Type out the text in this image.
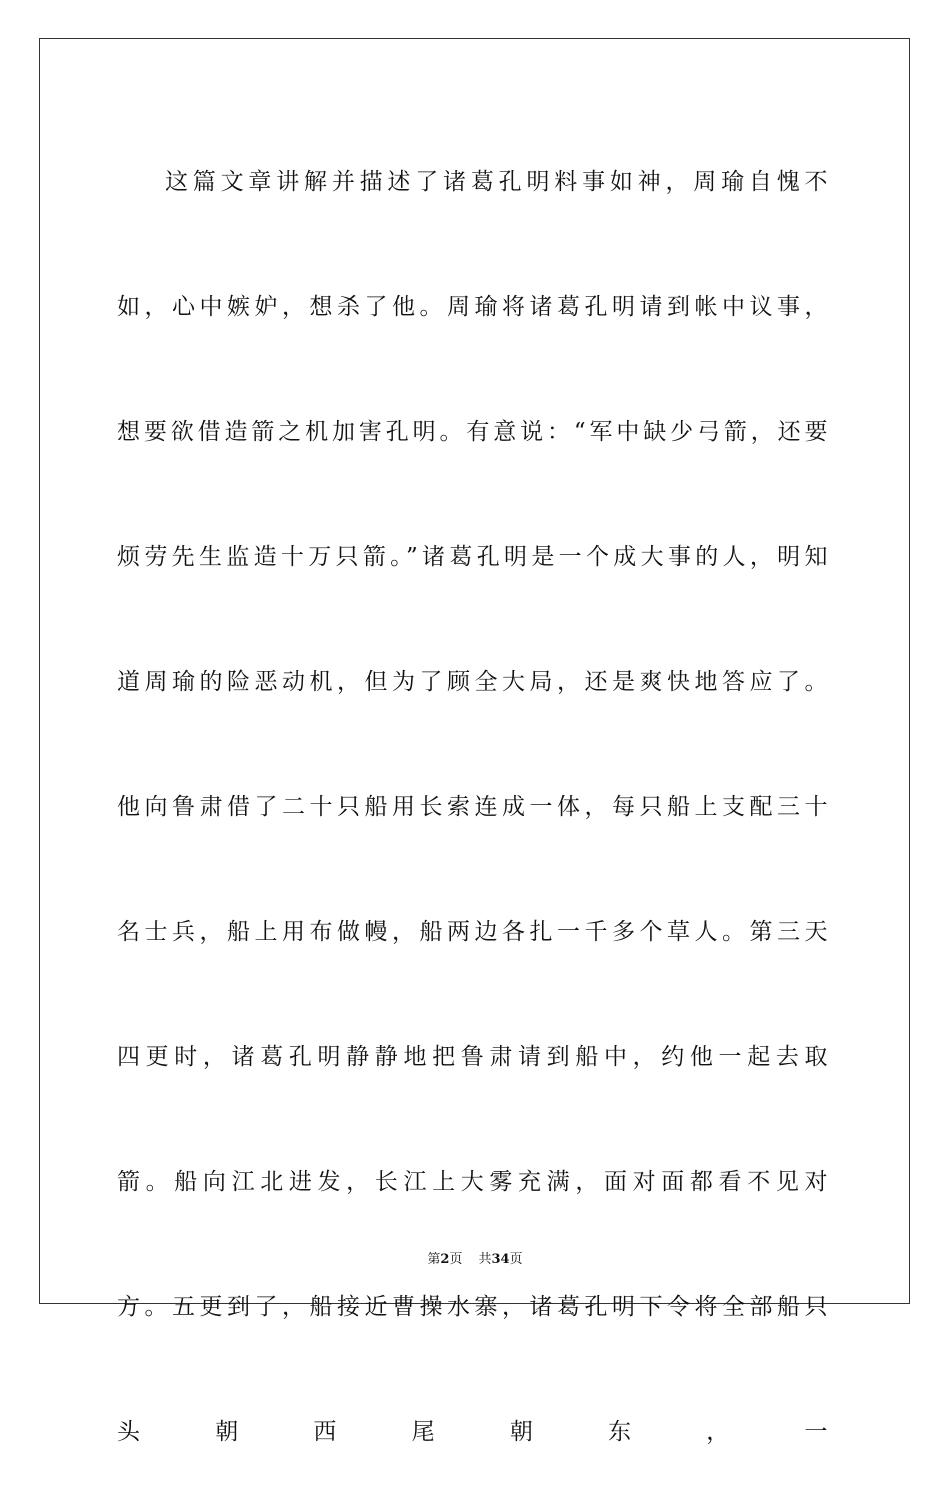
这篇文章讲解并描述了诸葛孔明料事如神，周瑜自愧不如，心中嫉妒，想杀了他。周瑜将诸葛孔明请到帐中议事，想要欲借造箭之机加害孔明。有意说：“军中缺少弓箭，还要烦劳先生监造十万只箭。”诸葛孔明是一个成大事的人，明知道周瑜的险恶动机，但为了顾全大局，还是爽快地答应了。他向鲁肃借了二十只船用长索连成一体，每只船上支配三十名士兵，船上用布做幔，船两边各扎一千多个草人。第三天四更时，诸葛孔明静静地把鲁肃请到船中，约他一起去取箭。船向江北进发，长江上大雾充满，面对面都看不见对方。五更到了，船接近曹操水寨，诸葛孔明下令将全部船只头朝西尾朝东，一

第2页 共34页
